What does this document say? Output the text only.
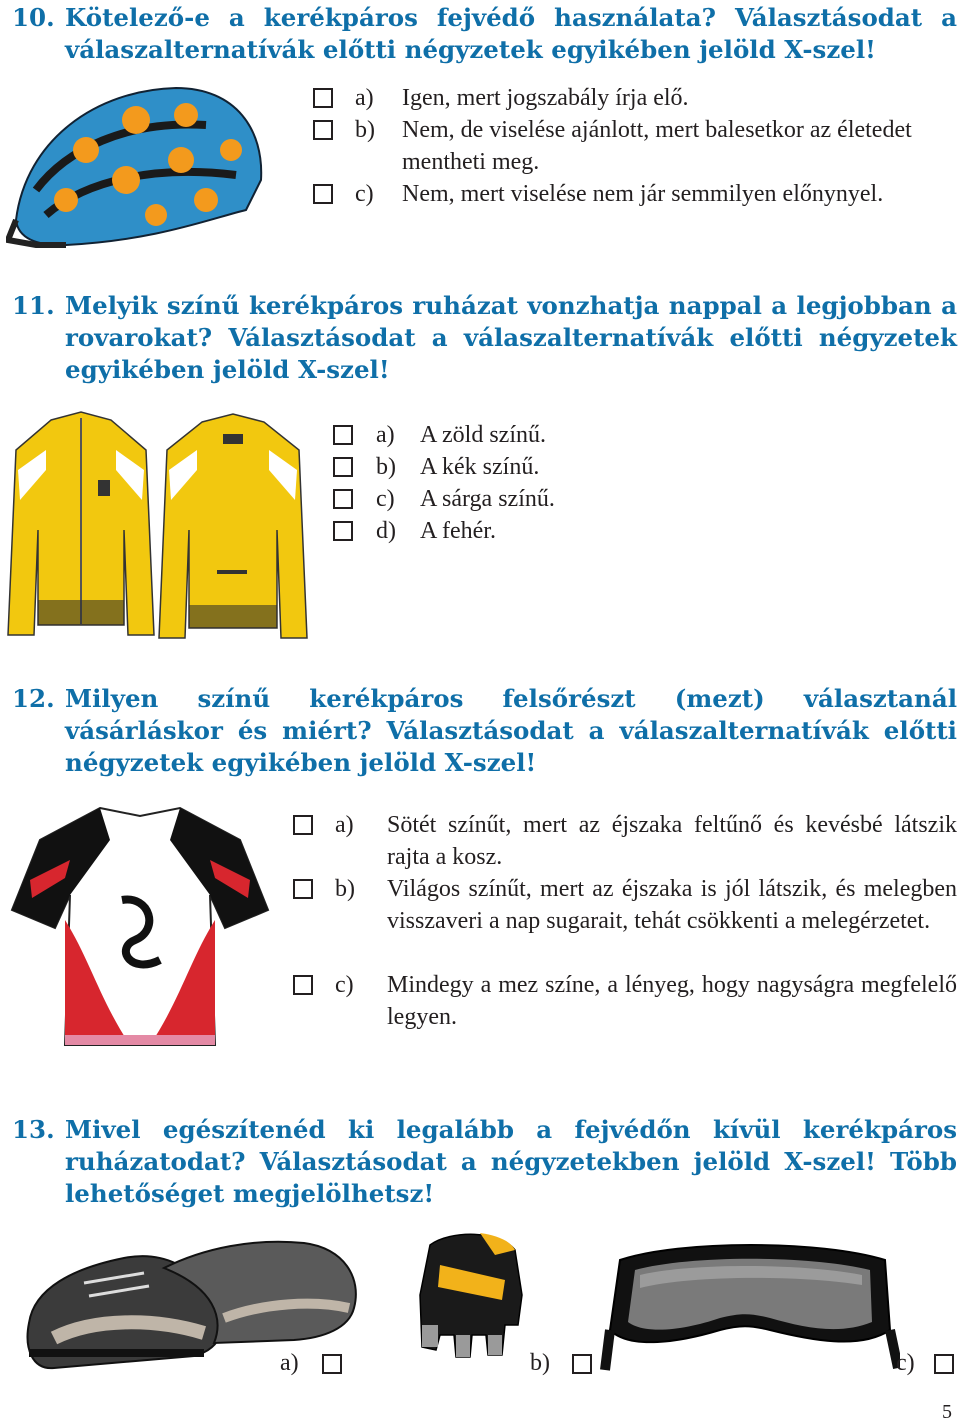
10. Kötelező-e a kerékpáros fejvédő használata? Választásodat a válaszalternatívák előtti négyzetek egyikében jelöld X-szel!
a) Igen, mert jogszabály írja elő.
b) Nem, de viselése ajánlott, mert balesetkor az életedet mentheti meg.
c) Nem, mert viselése nem jár semmilyen előnynyel.
11. Melyik színű kerékpáros ruházat vonzhatja nappal a legjobban a rovarokat? Választásodat a válaszalternatívák előtti négyzetek egyikében jelöld X-szel!
a) A zöld színű.
b) A kék színű.
c) A sárga színű.
d) A fehér.
12. Milyen színű kerékpáros felsőrészt (mezt) választanál vásárláskor és miért? Választásodat a válaszalternatívák előtti négyzetek egyikében jelöld X-szel!
a) Sötét színűt, mert az éjszaka feltűnő és kevésbé látszik rajta a kosz.
b) Világos színűt, mert az éjszaka is jól látszik, és melegben visszaveri a nap sugarait, tehát csökkenti a melegérzetet.
c) Mindegy a mez színe, a lényeg, hogy nagyságra megfelelő legyen.
13. Mivel egészítenéd ki legalább a fejvédőn kívül kerékpáros ruházatodat? Választásodat a négyzetekben jelöld X-szel! Több lehetőséget megjelölhetsz!
a)	b)	c)
5
